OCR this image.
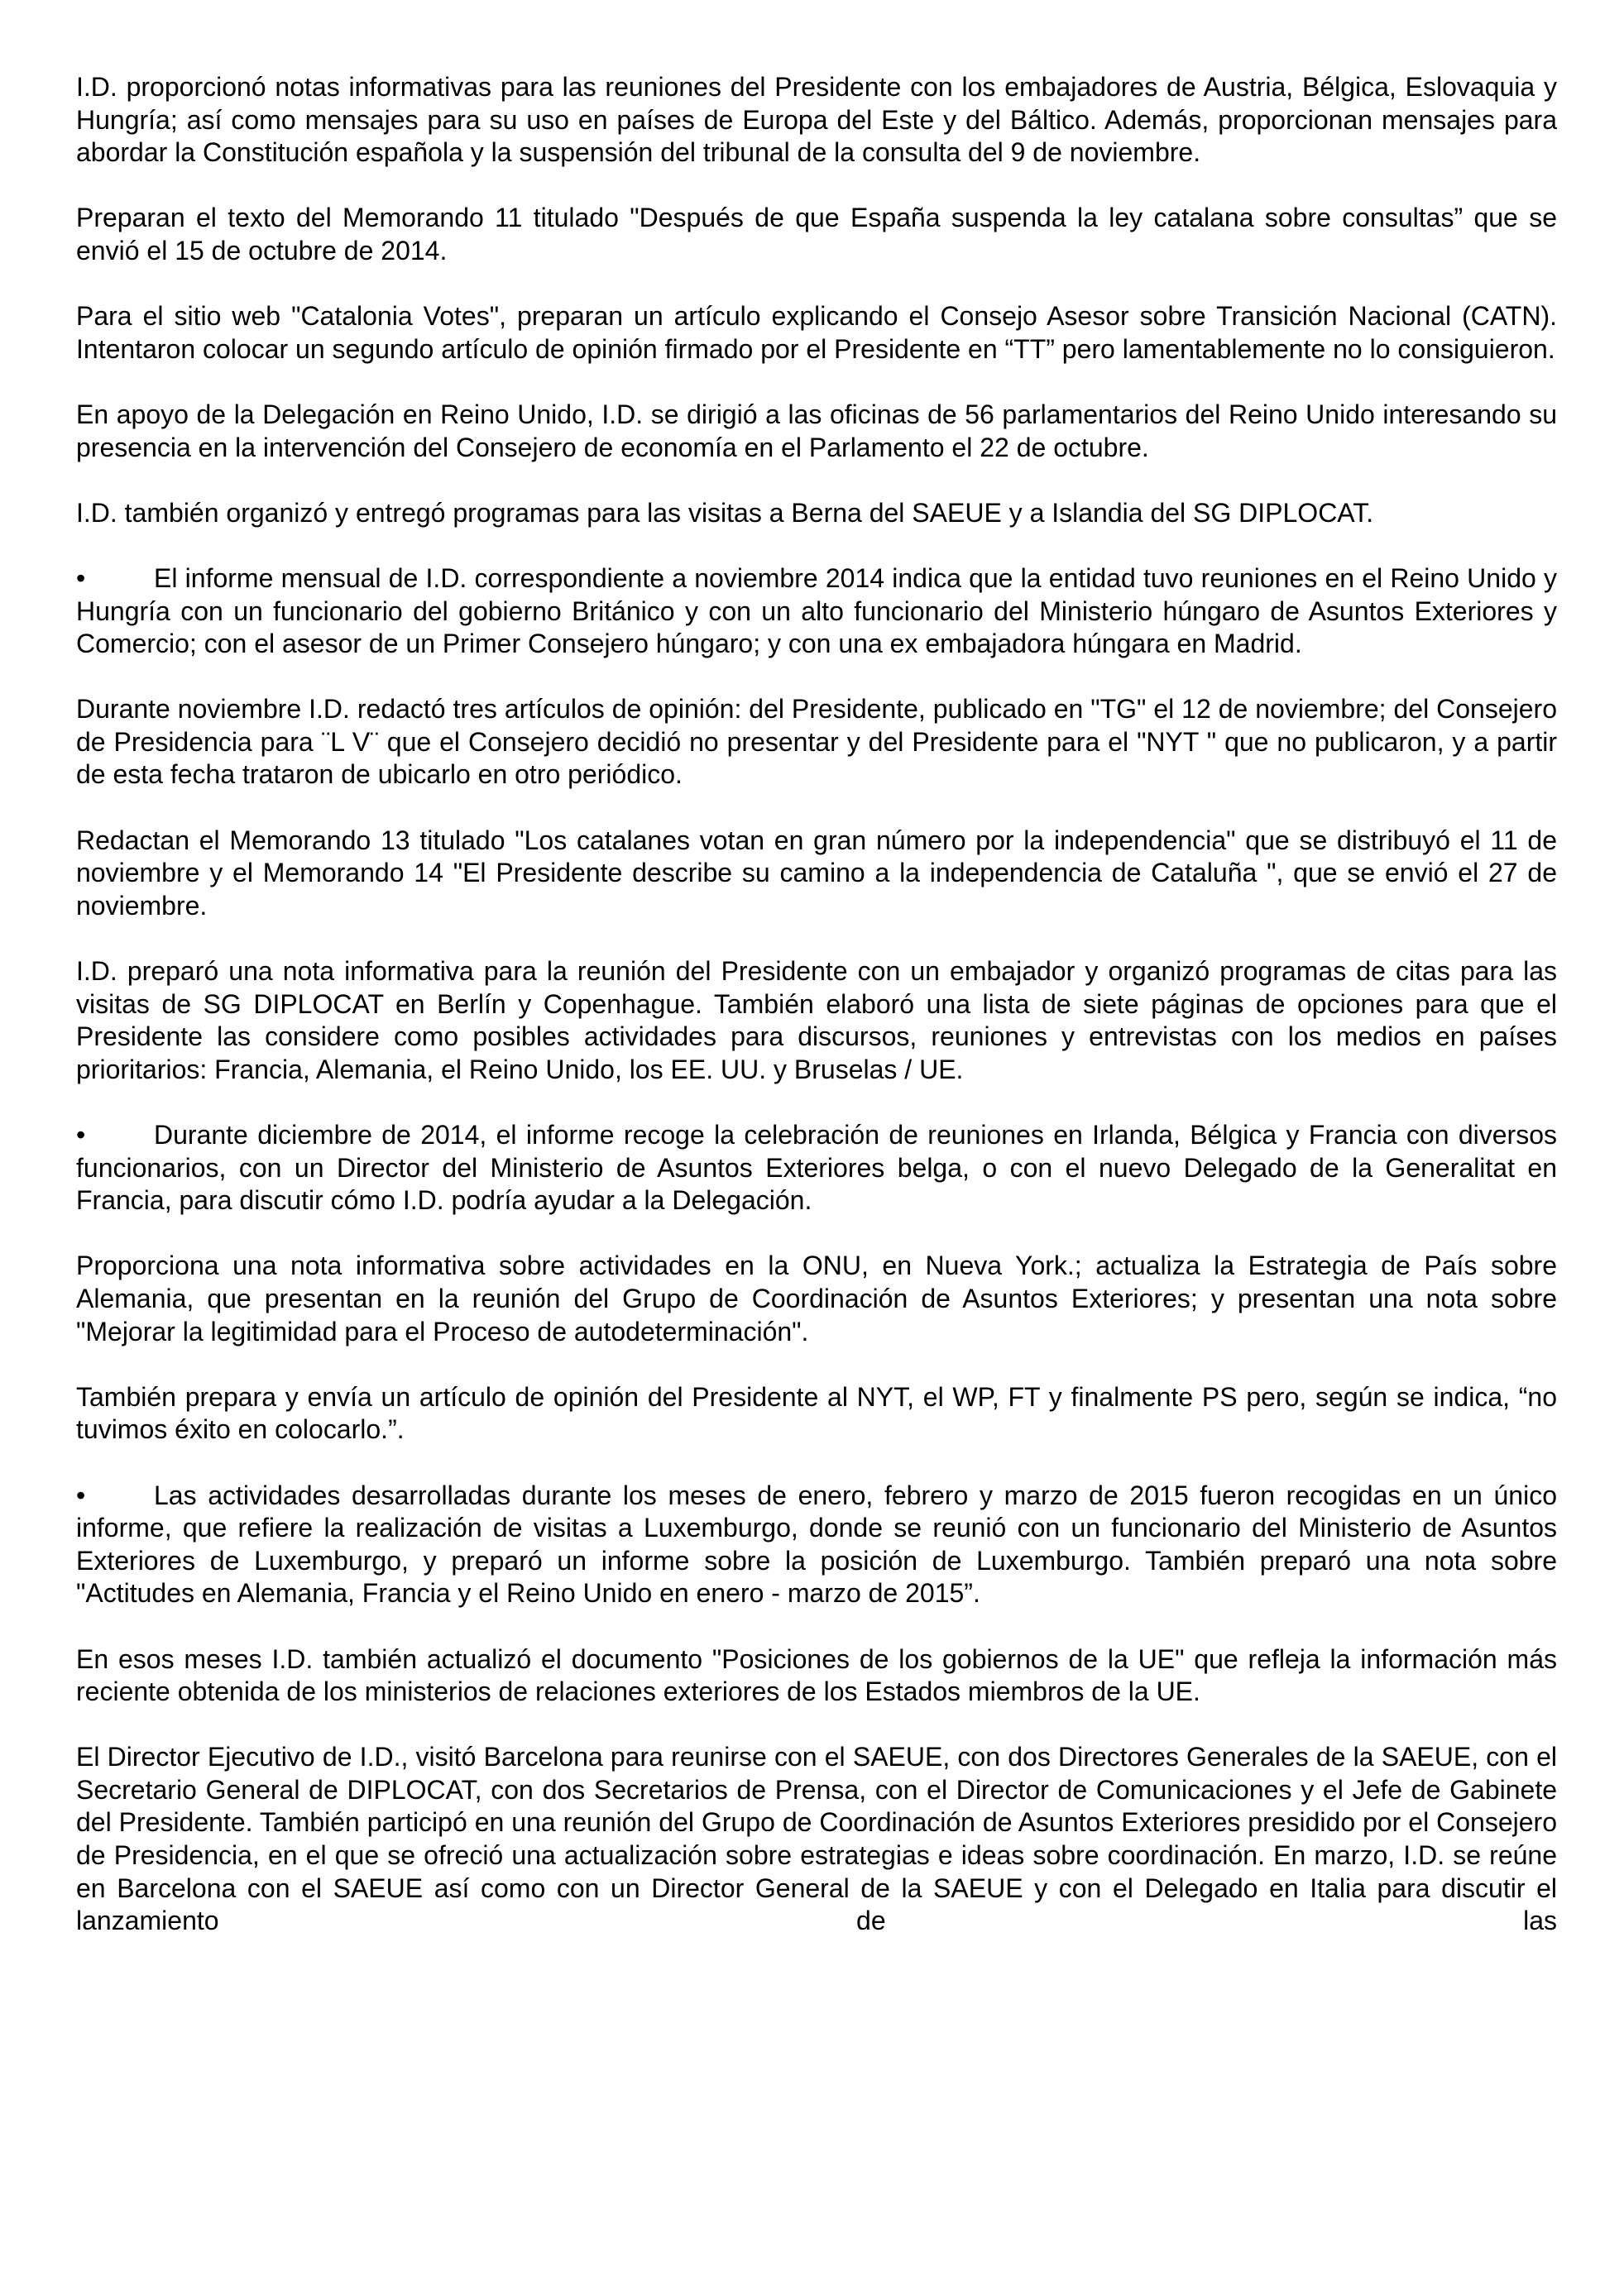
I.D. proporcionó notas informativas para las reuniones del Presidente con los embajadores de Austria, Bélgica, Eslovaquia y Hungría; así como mensajes para su uso en países de Europa del Este y del Báltico. Además, proporcionan mensajes para abordar la Constitución española y la suspensión del tribunal de la consulta del 9 de noviembre.

Preparan el texto del Memorando 11 titulado "Después de que España suspenda la ley catalana sobre consultas” que se envió el 15 de octubre de 2014.

Para el sitio web "Catalonia Votes", preparan un artículo explicando el Consejo Asesor sobre Transición Nacional (CATN). Intentaron colocar un segundo artículo de opinión firmado por el Presidente en “TT” pero lamentablemente no lo consiguieron.

En apoyo de la Delegación en Reino Unido, I.D. se dirigió a las oficinas de 56 parlamentarios del Reino Unido interesando su presencia en la intervención del Consejero de economía en el Parlamento el 22 de octubre.

I.D. también organizó y entregó programas para las visitas a Berna del SAEUE y a Islandia del SG DIPLOCAT.

•	El informe mensual de I.D. correspondiente a noviembre 2014 indica que la entidad tuvo reuniones en el Reino Unido y Hungría con un funcionario del gobierno Británico y con un alto funcionario del Ministerio húngaro de Asuntos Exteriores y Comercio; con el asesor de un Primer Consejero húngaro; y con una ex embajadora húngara en Madrid.

Durante noviembre I.D. redactó tres artículos de opinión: del Presidente, publicado en "TG" el 12 de noviembre; del Consejero de Presidencia para ¨L V¨ que el Consejero decidió no presentar y del Presidente para el "NYT " que no publicaron, y a partir de esta fecha trataron de ubicarlo en otro periódico.

Redactan el Memorando 13 titulado "Los catalanes votan en gran número por la independencia" que se distribuyó el 11 de noviembre y el Memorando 14 "El Presidente describe su camino a la independencia de Cataluña ", que se envió el 27 de noviembre.

I.D. preparó una nota informativa para la reunión del Presidente con un embajador y organizó programas de citas para las visitas de SG DIPLOCAT en Berlín y Copenhague. También elaboró una lista de siete páginas de opciones para que el Presidente las considere como posibles actividades para discursos, reuniones y entrevistas con los medios en países prioritarios: Francia, Alemania, el Reino Unido, los EE. UU. y Bruselas / UE.

•	Durante diciembre de 2014, el informe recoge la celebración de reuniones en Irlanda, Bélgica y Francia con diversos funcionarios, con un Director del Ministerio de Asuntos Exteriores belga, o con el nuevo Delegado de la Generalitat en Francia, para discutir cómo I.D. podría ayudar a la Delegación.

Proporciona una nota informativa sobre actividades en la ONU, en Nueva York.; actualiza la Estrategia de País sobre Alemania, que presentan en la reunión del Grupo de Coordinación de Asuntos Exteriores; y presentan una nota sobre "Mejorar la legitimidad para el Proceso de autodeterminación".

También prepara y envía un artículo de opinión del Presidente al NYT, el WP, FT y finalmente PS pero, según se indica, “no tuvimos éxito en colocarlo.”.

•	Las actividades desarrolladas durante los meses de enero, febrero y marzo de 2015 fueron recogidas en un único informe, que refiere la realización de visitas a Luxemburgo, donde se reunió con un funcionario del Ministerio de Asuntos Exteriores de Luxemburgo, y preparó un informe sobre la posición de Luxemburgo. También preparó una nota sobre "Actitudes en Alemania, Francia y el Reino Unido en enero - marzo de 2015”.

En esos meses I.D. también actualizó el documento "Posiciones de los gobiernos de la UE" que refleja la información más reciente obtenida de los ministerios de relaciones exteriores de los Estados miembros de la UE.

El Director Ejecutivo de I.D., visitó Barcelona para reunirse con el SAEUE, con dos Directores Generales de la SAEUE, con el Secretario General de DIPLOCAT, con dos Secretarios de Prensa, con el Director de Comunicaciones y el Jefe de Gabinete del Presidente. También participó en una reunión del Grupo de Coordinación de Asuntos Exteriores presidido por el Consejero de Presidencia, en el que se ofreció una actualización sobre estrategias e ideas sobre coordinación. En marzo, I.D. se reúne en Barcelona con el SAEUE así como con un Director General de la SAEUE y con el Delegado en Italia para discutir el lanzamiento de las
